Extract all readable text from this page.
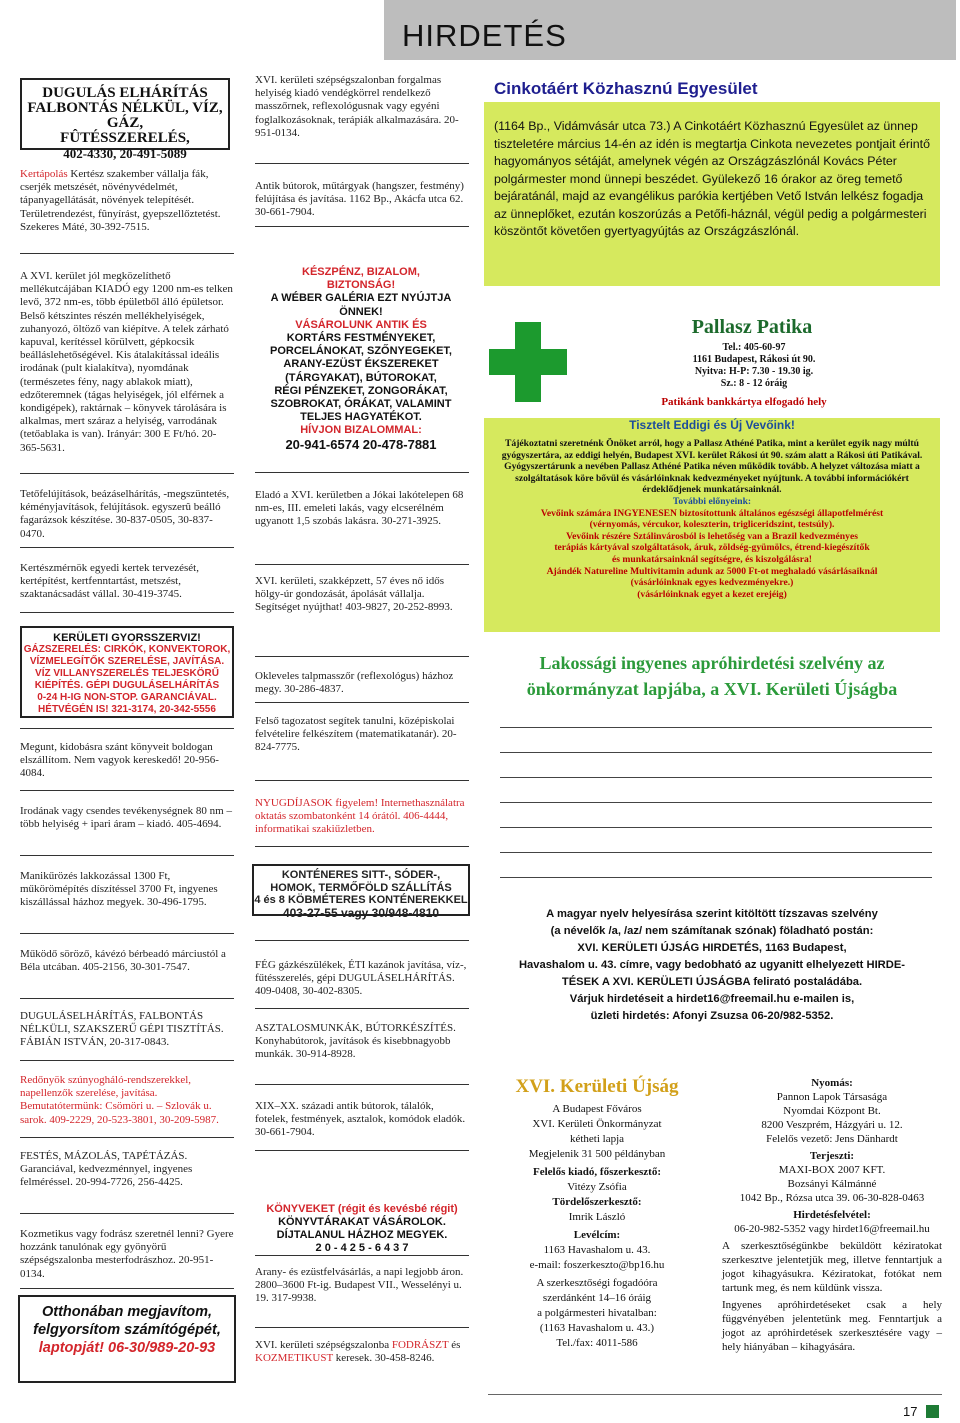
HIRDETÉS
DUGULÁS ELHÁRÍTÁS
FALBONTÁS NÉLKÜL, VÍZ, GÁZ,
FÛTÉSSZERELÉS,
402-4330, 20-491-5089
Kertápolás Kertész szakember vállalja fák, cserjék metszését, növényvédelmét, tápanyagellátását, növények telepítését. Területrendezést, fûnyírást, gyepszellőztetést. Szekeres Máté, 30-392-7515.
A XVI. kerület jól megközelíthető mellékutcájában KIADÓ egy 1200 nm-es telken levő, 372 nm-es, több épületből álló épületsor. Belső kétszintes részén mellékhelyiségek, zuhanyozó, öltöző van kiépítve. A telek zárható kapuval, kerítéssel körülvett, gépkocsik beálláslehetőségével. Kis átalakítással ideális irodának (pult kialakítva), nyomdának (természetes fény, nagy ablakok miatt), edzőteremnek (tágas helyiségek, jól elférnek a kondigépek), raktárnak – könyvek tárolására is alkalmas, mert száraz a helyiség, varrodának (tetőablaka is van). Irányár: 300 E Ft/hó. 20-365-5631.
Tetőfelújítások, beázáselhárítás, -megszüntetés, kéményjavítások, felújítások. egyszerû beálló fagarázsok készítése. 30-837-0505, 30-837-0470.
Kertészmérnök egyedi kertek tervezését, kertépítést, kertfenntartást, metszést, szaktanácsadást vállal. 30-419-3745.
KERÜLETI GYORSSZERVIZ!
GÁZSZERELÉS: CIRKÓK, KONVEKTOROK,
VÍZMELEGÍTŐK SZERELÉSE, JAVÍTÁSA.
VÍZ VILLANYSZERELÉS TELJESKÖRŰ
KIÉPÍTÉS. GÉPI DUGULÁSELHÁRÍTÁS
0-24 H-IG NON-STOP. GARANCIÁVAL.
HÉTVÉGÉN IS! 321-3174, 20-342-5556
Megunt, kidobásra szánt könyveit boldogan elszállítom. Nem vagyok kereskedő! 20-956-4084.
Irodának vagy csendes tevékenységnek 80 nm – több helyiség + ipari áram – kiadó. 405-4694.
Manikűrözés lakkozással 1300 Ft, műkörömépítés díszítéssel 3700 Ft, ingyenes kiszállással házhoz megyek. 30-496-1795.
Működő söröző, kávézó bérbeadó márciustól a Béla utcában. 405-2156, 30-301-7547.
DUGULÁSELHÁRÍTÁS, FALBONTÁS NÉLKÜLI, SZAKSZERŰ GÉPI TISZTÍTÁS. FÁBIÁN ISTVÁN, 20-317-0843.
Redőnyök szúnyogháló-rendszerekkel, napellenzők szerelése, javítása. Bemutatótermünk: Csömöri u. – Szlovák u. sarok. 409-2229, 20-523-3801, 30-209-5987.
FESTÉS, MÁZOLÁS, TAPÉTÁZÁS. Garanciával, kedvezménnyel, ingyenes felméréssel. 20-994-7726, 256-4425.
Kozmetikus vagy fodrász szeretnél lenni? Gyere hozzánk tanulónak egy gyönyörű szépségszalonba mesterfodrászhoz. 20-951-0134.
Otthonában megjavítom,
felgyorsítom számítógépét,
laptopját! 06-30/989-20-93
XVI. kerületi szépségszalonban forgalmas helyiség kiadó vendégkörrel rendelkező masszőrnek, reflexológusnak vagy egyéni foglalkozásoknak, terápiák alkalmazására. 20-951-0134.
Antik bútorok, műtárgyak (hangszer, festmény) felújítása és javítása. 1162 Bp., Akácfa utca 62. 30-661-7904.
KÉSZPÉNZ, BIZALOM,
BIZTONSÁG!
A WÉBER GALÉRIA EZT NYÚJTJA
ÖNNEK!
VÁSÁROLUNK ANTIK ÉS
KORTÁRS FESTMÉNYEKET,
PORCELÁNOKAT, SZŐNYEGEKET,
ARANY-EZÜST ÉKSZEREKET
(TÁRGYAKAT), BÚTOROKAT,
RÉGI PÉNZEKET, ZONGORÁKAT,
SZOBROKAT, ÓRÁKAT, VALAMINT
TELJES HAGYATÉKOT.
HÍVJON BIZALOMMAL:
20-941-6574 20-478-7881
Eladó a XVI. kerületben a Jókai lakótelepen 68 nm-es, III. emeleti lakás, vagy elcserélném ugyanott 1,5 szobás lakásra. 30-271-3925.
XVI. kerületi, szakképzett, 57 éves nő idős hölgy-úr gondozását, ápolását vállalja. Segítséget nyújthat! 403-9827, 20-252-8993.
Okleveles talpmasszőr (reflexológus) házhoz megy. 30-286-4837.
Felső tagozatost segítek tanulni, középiskolai felvételire felkészítem (matematikatanár). 20-824-7775.
NYUGDÍJASOK figyelem! Internethasználatra oktatás szombatonként 14 órától. 406-4444, informatikai szakiűzletben.
KONTÉNERES SITT-, SÓDER-,
HOMOK, TERMŐFÖLD SZÁLLÍTÁS
4 és 8 KÖBMÉTERES KONTÉNEREKKEL
403-27-55 vagy 30/948-4810
FÉG gázkészülékek, ÉTI kazánok javítása, víz-, fűtésszerelés, gépi DUGULÁSELHÁRÍTÁS. 409-0408, 30-402-8305.
ASZTALOSMUNKÁK, BÚTORKÉSZÍTÉS. Konyhabútorok, javítások és kisebbnagyobb munkák. 30-914-8928.
XIX–XX. századi antik bútorok, tálalók, fotelek, festmények, asztalok, komódok eladók. 30-661-7904.
KÖNYVEKET (régit és kevésbé régit)
KÖNYVTÁRAKAT VÁSÁROLOK.
DÍJTALANUL HÁZHOZ MEGYEK.
2 0 - 4 2 5 - 6 4 3 7
Arany- és ezüstfelvásárlás, a napi legjobb áron. 2800–3600 Ft-ig. Budapest VII., Wesselényi u. 19. 317-9938.
XVI. kerületi szépségszalonba FODRÁSZT és KOZMETIKUST keresek. 30-458-8246.
Cinkotáért Közhasznú Egyesület
(1164 Bp., Vidámvásár utca 73.) A Cinkotáért Közhasznú Egyesület az ünnep tiszteletére március 14-én az idén is megtartja Cinkota nevezetes pontjait érintő hagyományos sétáját, amelynek végén az Országzászlónál Kovács Péter polgármester mond ünnepi beszédet. Gyülekező 16 órakor az öreg temető bejáratánál, majd az evangélikus parókia kertjében Vető István lelkész fogadja az ünneplőket, ezután koszorúzás a Petőfi-háznál, végül pedig a polgármesteri köszöntőt követően gyertyagyújtás az Országzászlónál.
Pallasz Patika
Tel.: 405-60-97
1161 Budapest, Rákosi út 90.
Nyitva: H-P: 7.30 - 19.30 ig.
Sz.: 8 - 12 óráig
Patikánk bankkártya elfogadó hely
Tisztelt Eddigi és Új Vevőink!
Tájékoztatni szeretnénk Önöket arról, hogy a Pallasz Athéné Patika, mint a kerület egyik nagy múltú gyógyszertára, az eddigi helyén, Budapest XVI. kerület Rákosi út 90. szám alatt a Rákosi úti Patikával.
Gyógyszertárunk a nevében Pallasz Athéné Patika néven működik tovább. A helyzet változása miatt a szolgáltatások köre bővül és vásárlóinknak kedvezményeket nyújtunk. A további információkért érdeklődjenek munkatársainknál.
További előnyeink:
Vevőink számára INGYENESEN biztosítottunk általános egészségi állapotfelmérést
(vérnyomás, vércukor, koleszterin, trigliceridszint, testsúly).
Vevőink részére Sztálinvárosból is lehetőség van a Brazil kedvezményes
terápiás kártyával szolgáltatások, áruk, zöldség-gyümölcs, étrend-kiegészítők
és munkatársainknál segítségre, és kiszolgálásra!
Ajándék Natureline Multivitamin adunk az 5000 Ft-ot meghaladó vásárlásaiknál
(vásárlóinknak egyes kedvezményekre.)
(vásárlóinknak egyet a kezet erejéig)
Lakossági ingyenes apróhirdetési szelvény az önkormányzat lapjába, a XVI. Kerületi Újságba
A magyar nyelv helyesírása szerint kitöltött tízszavas szelvény
(a névelők /a, /az/ nem számítanak szónak) föladható postán:
XVI. KERÜLETI ÚJSÁG HIRDETÉS, 1163 Budapest,
Havashalom u. 43. címre, vagy bedobható az ugyanitt elhelyezett HIRDE-
TÉSEK A XVI. KERÜLETI ÚJSÁGBA felirató postaládába.
Várjuk hirdetéseit a hirdet16@freemail.hu e-mailen is,
üzleti hirdetés: Afonyi Zsuzsa 06-20/982-5352.
XVI. Kerületi Újság
A Budapest Főváros
XVI. Kerületi Önkormányzat
kétheti lapja
Megjelenik 31 500 példányban
Felelős kiadó, főszerkesztő:
Vitézy Zsófia
Tördelőszerkesztő:
Imrik László
Levélcím:
1163 Havashalom u. 43.
e-mail: foszerkeszto@bp16.hu
A szerkesztőségi fogadóóra
szerdánként 14–16 óráig
a polgármesteri hivatalban:
(1163 Havashalom u. 43.)
Tel./fax: 4011-586
Nyomás:
Pannon Lapok Társasága
Nyomdai Központ Bt.
8200 Veszprém, Házgyári u. 12.
Felelős vezető: Jens Dänhardt
Terjeszti:
MAXI-BOX 2007 KFT.
Bozsányi Kálmánné
1042 Bp., Rózsa utca 39. 06-30-828-0463
Hirdetésfelvétel:
06-20-982-5352 vagy hirdet16@freemail.hu
A szerkesztőségünkbe beküldött kéziratokat szerkesztve jelentetjük meg, illetve fenntartjuk a jogot kihagyásukra. Kéziratokat, fotókat nem tartunk meg, és nem küldünk vissza.
Ingyenes apróhirdetéseket csak a hely függvényében jelentetünk meg. Fenntartjuk a jogot az apróhirdetések szerkesztésére vagy – hely hiányában – kihagyására.
17
